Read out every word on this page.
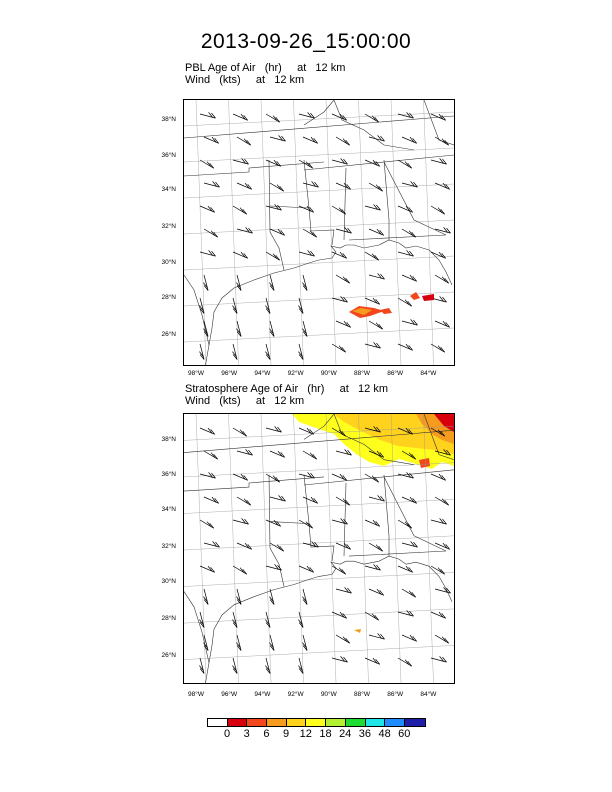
2013-09-26_15:00:00
PBL Age of Air   (hr)     at   12 km
Wind   (kts)     at   12 km
Stratosphere Age of Air   (hr)     at   12 km
Wind   (kts)     at   12 km
38°N
38°N
36°N
36°N
34°N
34°N
32°N
32°N
30°N
30°N
28°N
28°N
26°N
26°N
98°W
98°W
96°W
96°W
94°W
94°W
92°W
92°W
90°W
90°W
88°W
88°W
86°W
86°W
84°W
84°W
0	3	6	9 12 18 24 36 48 60
